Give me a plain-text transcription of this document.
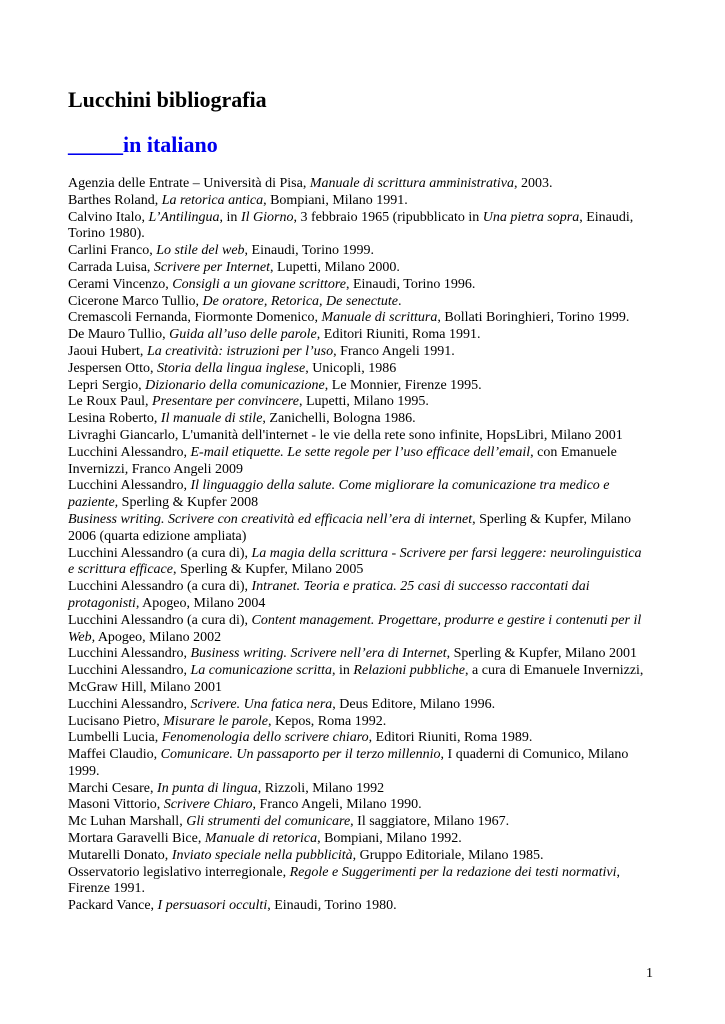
Lucchini bibliografia
_____in italiano

Agenzia delle Entrate – Università di Pisa, Manuale di scrittura amministrativa, 2003.

Barthes Roland, La retorica antica, Bompiani, Milano 1991.

Calvino Italo, L’Antilingua, in Il Giorno, 3 febbraio 1965 (ripubblicato in Una pietra sopra, Einaudi, Torino 1980).

Carlini Franco, Lo stile del web, Einaudi, Torino 1999.

Carrada Luisa, Scrivere per Internet, Lupetti, Milano 2000.

Cerami Vincenzo, Consigli a un giovane scrittore, Einaudi, Torino 1996.

Cicerone Marco Tullio, De oratore, Retorica, De senectute.

Cremascoli Fernanda, Fiormonte Domenico, Manuale di scrittura, Bollati Boringhieri, Torino 1999.

De Mauro Tullio, Guida all’uso delle parole, Editori Riuniti, Roma 1991.

Jaoui Hubert, La creatività: istruzioni per l’uso, Franco Angeli 1991.

Jespersen Otto, Storia della lingua inglese, Unicopli, 1986

Lepri Sergio, Dizionario della comunicazione, Le Monnier, Firenze 1995.

Le Roux Paul, Presentare per convincere, Lupetti, Milano 1995.

Lesina Roberto, Il manuale di stile, Zanichelli, Bologna 1986.

Livraghi Giancarlo, L'umanità dell'internet - le vie della rete sono infinite, HopsLibri, Milano 2001

Lucchini Alessandro, E-mail etiquette. Le sette regole per l’uso efficace dell’email, con Emanuele Invernizzi, Franco Angeli 2009

Lucchini Alessandro, Il linguaggio della salute. Come migliorare la comunicazione tra medico e paziente, Sperling & Kupfer 2008

Business writing. Scrivere con creatività ed efficacia nell’era di internet, Sperling & Kupfer, Milano 2006 (quarta edizione ampliata)

Lucchini Alessandro (a cura di), La magia della scrittura - Scrivere per farsi leggere: neurolinguistica e scrittura efficace, Sperling & Kupfer, Milano 2005

Lucchini Alessandro (a cura di), Intranet. Teoria e pratica. 25 casi di successo raccontati dai protagonisti, Apogeo, Milano 2004

Lucchini Alessandro (a cura di), Content management. Progettare, produrre e gestire i contenuti per il Web, Apogeo, Milano 2002

Lucchini Alessandro, Business writing. Scrivere nell’era di Internet, Sperling & Kupfer, Milano 2001

Lucchini Alessandro, La comunicazione scritta, in Relazioni pubbliche, a cura di Emanuele Invernizzi, McGraw Hill, Milano 2001

Lucchini Alessandro, Scrivere. Una fatica nera, Deus Editore, Milano 1996.

Lucisano Pietro, Misurare le parole, Kepos, Roma 1992.

Lumbelli Lucia, Fenomenologia dello scrivere chiaro, Editori Riuniti, Roma 1989.

Maffei Claudio, Comunicare. Un passaporto per il terzo millennio, I quaderni di Comunico, Milano 1999.

Marchi Cesare, In punta di lingua, Rizzoli, Milano 1992

Masoni Vittorio, Scrivere Chiaro, Franco Angeli, Milano 1990.

Mc Luhan Marshall, Gli strumenti del comunicare, Il saggiatore, Milano 1967.

Mortara Garavelli Bice, Manuale di retorica, Bompiani, Milano 1992.

Mutarelli Donato, Inviato speciale nella pubblicità, Gruppo Editoriale, Milano 1985.

Osservatorio legislativo interregionale, Regole e Suggerimenti per la redazione dei testi normativi, Firenze 1991.

Packard Vance, I persuasori occulti, Einaudi, Torino 1980.

1
